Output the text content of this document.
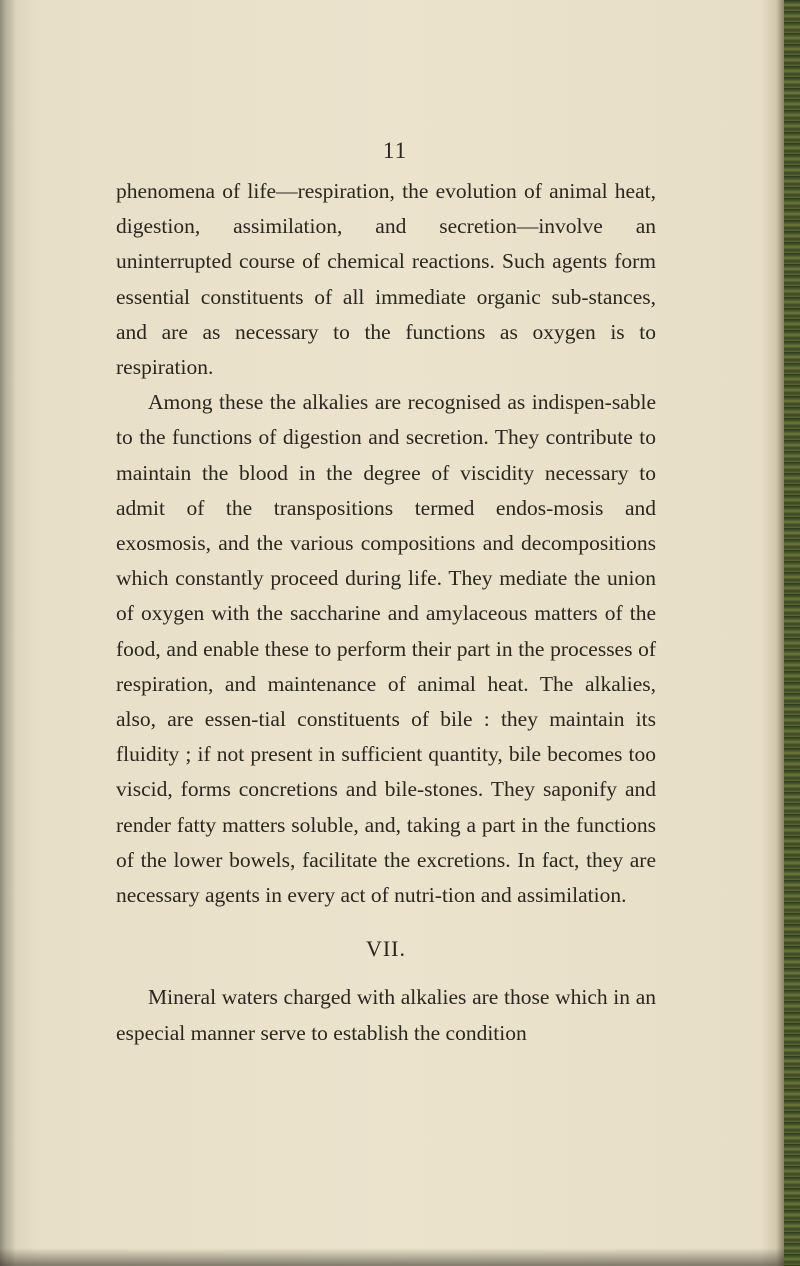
11

phenomena of life—respiration, the evolution of animal heat, digestion, assimilation, and secretion—involve an uninterrupted course of chemical reactions. Such agents form essential constituents of all immediate organic sub-stances, and are as necessary to the functions as oxygen is to respiration.

Among these the alkalies are recognised as indispen-sable to the functions of digestion and secretion. They contribute to maintain the blood in the degree of viscidity necessary to admit of the transpositions termed endos-mosis and exosmosis, and the various compositions and decompositions which constantly proceed during life. They mediate the union of oxygen with the saccharine and amylaceous matters of the food, and enable these to perform their part in the processes of respiration, and maintenance of animal heat. The alkalies, also, are essen-tial constituents of bile : they maintain its fluidity ; if not present in sufficient quantity, bile becomes too viscid, forms concretions and bile-stones. They saponify and render fatty matters soluble, and, taking a part in the functions of the lower bowels, facilitate the excretions. In fact, they are necessary agents in every act of nutri-tion and assimilation.

VII.

Mineral waters charged with alkalies are those which in an especial manner serve to establish the condition
